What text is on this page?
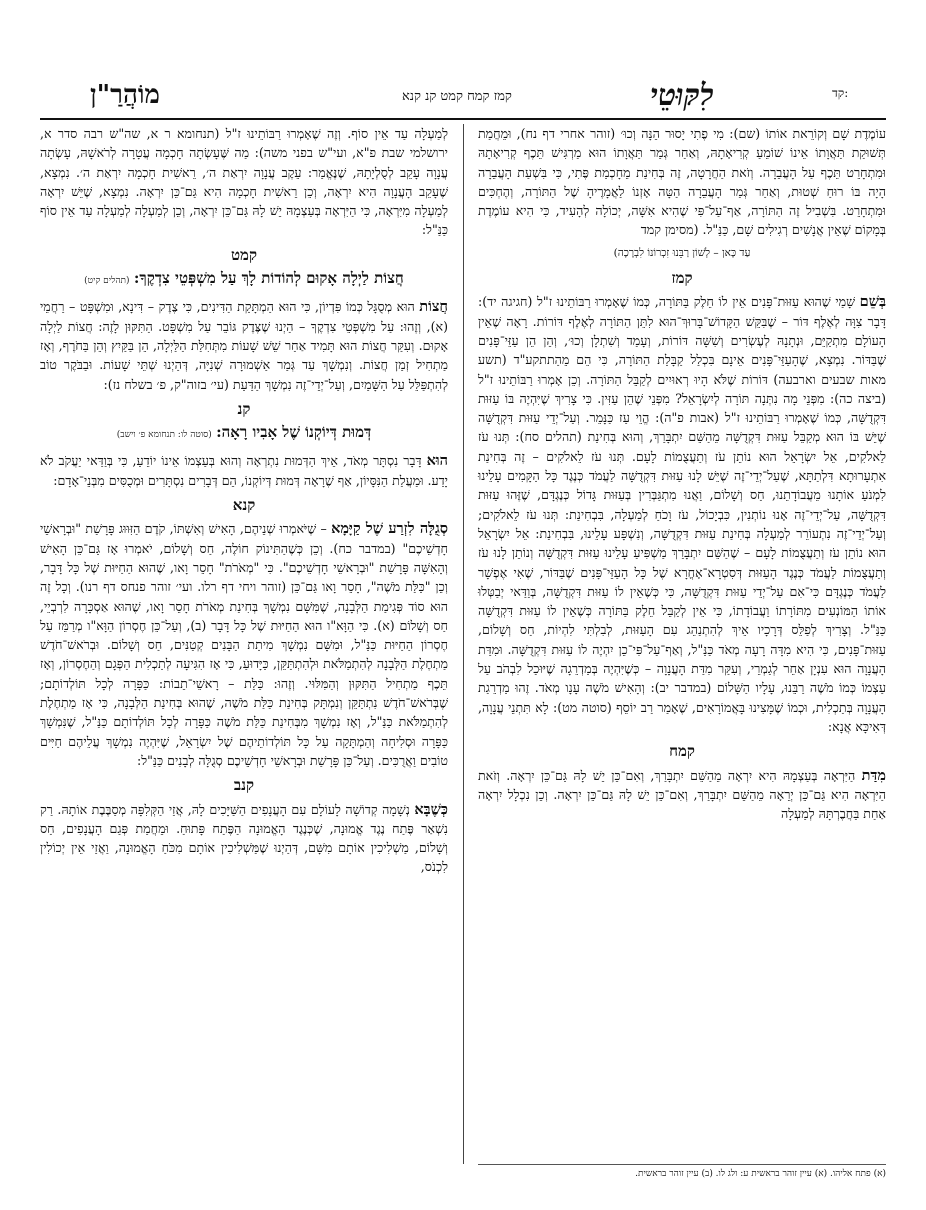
קד:
לִקּוּטֵי
קמז קמח קמט קנ קנא
מוֹהֲרַ"ן

עוֹמֶדֶת שָׁם וְקוֹרֵאת אוֹתוֹ (שם): מִי פֶתִי יָסוּר הֵנָּה וְכוּ׳ (זוהר אחרי דף נח), וּמֵחֲמַת תְּשׁוּקַת תַּאֲוָתוֹ אֵינוֹ שׁוֹמֵעַ קְרִיאָתָהּ, וְאַחַר גְּמַר תַּאֲוָתוֹ הוּא מַרְגִּישׁ תֵּכֶף קְרִיאָתָהּ וּמִתְחָרֵט תֵּכֶף עַל הָעֲבֵרָה. וְזֹאת הַחֲרָטָה, זֶה בְּחִינַת מֵחָכְמַת פֶּתִי, כִּי בִּשְׁעַת הָעֲבֵרָה הָיָה בּוֹ רוּחַ שְׁטוּת, וְאַחַר גְּמַר הָעֲבֵרָה הַטָּה אָזְנוֹ לַאֲמָרֶיהָ שֶׁל הַתּוֹרָה, וְהֶחְכִּים וּמִתְחָרֵט. בִּשְׁבִיל זֶה הַתּוֹרָה, אַף־עַל־פִּי שֶׁהִיא אִשָּׁה, יְכוֹלָה לְהָעִיד, כִּי הִיא עוֹמֶדֶת בְּמָקוֹם שֶׁאֵין אֲנָשִׁים רְגִילִים שָׁם, כַּנַּ"ל. (מסימן קמד

עַד כָּאן – לְשׁוֹן רַבֵּנוּ זִכְרוֹנוֹ לִבְרָכָה)

קמז

בְּשֵׁם שָׁמַי שֶׁהוּא עַזּוּת־פָּנִים אֵין לוֹ חֵלֶק בַּתּוֹרָה, כְּמוֹ שֶׁאָמְרוּ רַבּוֹתֵינוּ ז"ל (חגיגה יד): דָּבָר צִוָּה לְאֶלֶף דּוֹר – שֶׁבִּקֵּשׁ הַקָּדוֹשׁ־בָּרוּךְ־הוּא לִתֵּן הַתּוֹרָה לְאֶלֶף דּוֹרוֹת. רָאָה שֶׁאֵין הָעוֹלָם מִתְקַיֵּם, וּנְתָנָהּ לְעֶשְׂרִים וְשִׁשָּׁה דּוֹרוֹת, וְעָמַד וְשִׁתְלָן וְכוּ׳, וְהֵן הֵן עַזֵּי־פָּנִים שֶׁבַּדּוֹר. נִמְצָא, שֶׁהָעַזֵּי־פָּנִים אֵינָם בִּכְלַל קַבָּלַת הַתּוֹרָה, כִּי הֵם מֵהַתתקע"ד (תשע מאות שבעים וארבעה) דּוֹרוֹת שֶׁלֹּא הָיוּ רְאוּיִים לְקַבֵּל הַתּוֹרָה. וְכֵן אָמְרוּ רַבּוֹתֵינוּ ז"ל (ביצה כה): מִפְּנֵי מָה נִתְּנָה תּוֹרָה לְיִשְׂרָאֵל? מִפְּנֵי שֶׁהֵן עַזִּין. כִּי צָרִיךְ שֶׁיִּהְיֶה בּוֹ עַזּוּת דִּקְדֻשָּׁה, כְּמוֹ שֶׁאָמְרוּ רַבּוֹתֵינוּ ז"ל (אבות פ"ה): הֱוֵי עַז כַּנָּמֵר. וְעַל־יְדֵי עַזּוּת דִּקְדֻשָּׁה שֶׁיֵּשׁ בּוֹ הוּא מְקַבֵּל עַזּוּת דִּקְדֻשָּׁה מֵהַשֵּׁם יִתְבָּרַךְ, וְהוּא בְּחִינַת (תהלים סח): תְּנוּ עֹז לֵאלֹקִים, אֵל יִשְׂרָאֵל הוּא נוֹתֵן עֹז וְתַעֲצֻמוֹת לָעָם. תְּנוּ עֹז לֵאלֹקִים – זֶה בְּחִינַת אִתְעָרוּתָא דִּלְתַתָּא, שֶׁעַל־יְדֵי־זֶה שֶׁיֵּשׁ לָנוּ עַזּוּת דִּקְדֻשָּׁה לַעֲמֹד כְּנֶגֶד כָּל הַקָּמִים עָלֵינוּ לִמְנֹעַ אוֹתָנוּ מֵעֲבוֹדָתֵנוּ, חַס וְשָׁלוֹם, וַאֲנוּ מִתְגַּבְּרִין בְּעַזּוּת גָּדוֹל כְּנֶגְדָּם, שֶׁזֶּהוּ עַזּוּת דִּקְדֻשָּׁה, עַל־יְדֵי־זֶה אָנוּ נוֹתְנִין, כִּבְיָכוֹל, עֹז וָכֹחַ לְמַעְלָה, בִּבְחִינַת: תְּנוּ עֹז לֵאלֹקִים; וְעַל־יְדֵי־זֶה נִתְעוֹרֵר לְמַעְלָה בְּחִינַת עַזּוּת דִּקְדֻשָּׁה, וְנִשְׁפָּע עָלֵינוּ, בִּבְחִינַת: אֵל יִשְׂרָאֵל הוּא נוֹתֵן עֹז וְתַעֲצֻמוֹת לָעָם – שֶׁהַשֵּׁם יִתְבָּרַךְ מַשְׁפִּיעַ עָלֵינוּ עַזּוּת דִּקְדֻשָּׁה וְנוֹתֵן לָנוּ עֹז וְתַעֲצֻמוֹת לַעֲמֹד כְּנֶגֶד הָעַזּוּת דְּסִטְרָא־אָחֳרָא שֶׁל כָּל הָעַזֵּי־פָּנִים שֶׁבַּדּוֹר, שֶׁאִי אֶפְשָׁר לַעֲמֹד כְּנֶגְדָּם כִּי־אִם עַל־יְדֵי עַזּוּת דִּקְדֻשָּׁה, כִּי כְּשֶׁאֵין לוֹ עַזּוּת דִּקְדֻשָּׁה, בְּוַדַּאי יְבַטְּלוּ אוֹתוֹ הַמּוֹנְעִים מִתּוֹרָתוֹ וַעֲבוֹדָתוֹ, כִּי אֵין לְקַבֵּל חֵלֶק בַּתּוֹרָה כְּשֶׁאֵין לוֹ עַזּוּת דִּקְדֻשָּׁה כַּנַּ"ל. וְצָרִיךְ לְפַלֵּס דְּרָכָיו אֵיךְ לְהִתְנַהֵג עִם הָעַזּוּת, לְבִלְתִּי לִהְיוֹת, חַס וְשָׁלוֹם, עַזּוּת־פָּנִים, כִּי הִיא מִדָּה רָעָה מְאֹד כַּנַּ"ל, וְאַף־עַל־פִּי־כֵן יִהְיֶה לוֹ עַזּוּת דִּקְדֻשָּׁה. וּמִדַּת הָעֲנָוָה הוּא עִנְיָן אַחֵר לְגַמְרֵי, וְעִקַּר מִדַּת הָעֲנָוָה – כְּשֶׁיִּהְיֶה בְּמַדְרֵגָה שֶׁיּוּכַל לִבְהֹב עַל עַצְמוֹ כְּמוֹ מֹשֶׁה רַבֵּנוּ, עָלָיו הַשָּׁלוֹם (במדבר יב): וְהָאִישׁ מֹשֶׁה עָנָו מְאֹד. זֶהוּ מַדְרֵגַת הָעֲנָוָה בְּתַכְלִית, וּכְמוֹ שֶׁמָּצִינוּ בָּאֲמוֹרָאִים, שֶׁאָמַר רַב יוֹסֵף (סוטה מט): לָא תִּתְנֵי עֲנָוָה, דְּאִיכָּא אֲנָא:

קמח

מִדַּת הַיִּרְאָה בְּעַצְמָהּ הִיא יִרְאָה מֵהַשֵּׁם יִתְבָּרַךְ, וְאִם־כֵּן יֵשׁ לָהּ גַּם־כֵּן יִרְאָה. וְזֹאת הַיִּרְאָה הִיא גַּם־כֵּן יְרֵאָה מֵהַשֵּׁם יִתְבָּרַךְ, וְאִם־כֵּן יֵשׁ לָהּ גַּם־כֵּן יִרְאָה. וְכֵן נִכְלָל יִרְאָה אַחַת בַּחֲבֶרְתָּהּ לְמַעְלָה

לְמַעְלָה עַד אֵין סוֹף. וְזֶה שֶׁאָמְרוּ רַבּוֹתֵינוּ ז"ל (תנחומא ר א, שה"ש רבה סדר א, ירושלמי שבת פ"א, ועי"ש בפני משה): מַה שֶּׁעָשְׂתָה חָכְמָה עֲטָרָה לְרֹאשָׁהּ, עָשְׂתָה עֲנָוָה עָקֵב לְסֻלְיָתָהּ, שֶׁנֶּאֱמַר: עֵקֶב עֲנָוָה יִרְאַת ה׳, רֵאשִׁית חָכְמָה יִרְאַת ה׳. נִמְצָא, שֶׁעָקֵב הָעֲנָוָה הִיא יִרְאָה, וְכֵן רֵאשִׁית חָכְמָה הִיא גַּם־כֵּן יִרְאָה. נִמְצָא, שֶׁיֵּשׁ יִרְאָה לְמַעְלָה מִיִּרְאָה, כִּי הַיִּרְאָה בְּעַצְמָהּ יֵשׁ לָהּ גַּם־כֵּן יִרְאָה, וְכֵן לְמַעְלָה לְמַעְלָה עַד אֵין סוֹף כַּנַּ"ל:

קמט
חֲצוֹת לַיְלָה אָקוּם לְהוֹדוֹת לָךְ עַל מִשְׁפְּטֵי צִדְקֶךָ: (תהלים קיט)

חֲצוֹת הוּא מְסֻגָּל כְּמוֹ פִּדְיוֹן, כִּי הוּא הַמְתָּקַת הַדִּינִים, כִּי צֶדֶק – דִּינָא, וּמִשְׁפָּט – רַחֲמֵי (א), וְזֶהוּ: עַל מִשְׁפְּטֵי צִדְקֶךָ – הַיְנוּ שֶׁצֶּדֶק גּוֹבֵר עַל מִשְׁפָּט. הַתִּקּוּן לָזֶה: חֲצוֹת לַיְלָה אָקוּם. וְעִקַּר חֲצוֹת הוּא תָּמִיד אַחַר שֵׁשׁ שָׁעוֹת מִתְּחִלַּת הַלַּיְלָה, הֵן בַּקַּיִץ וְהֵן בַּחֹרֶף, וְאָז מַתְחִיל זְמַן חֲצוֹת. וְנִמְשָׁךְ עַד גְּמַר אַשְׁמוּרָה שְׁנִיָּה, דְּהַיְנוּ שְׁתֵּי שָׁעוֹת. וּבַבֹּקֶר טוֹב לְהִתְפַּלֵּל עַל הַשָּׁמַיִם, וְעַל־יְדֵי־זֶה נִמְשָׁךְ הַדַּעַת (עי׳ בזוה"ק, פ׳ בשלח נז):

קנ
דְּמוּת דְּיוֹקְנוֹ שֶׁל אָבִיו רָאָה: (סוטה לו: תנחומא פ׳ וישב)

הוּא דָּבָר נִסְתָּר מְאֹד, אֵיךְ הַדְּמוּת נִתְרְאָה וְהוּא בְּעַצְמוֹ אֵינוֹ יוֹדֵעַ, כִּי בְּוַדַּאי יַעֲקֹב לֹא יָדַע. וּמַעֲלַת הַנִּסָּיוֹן, אַף שֶׁרָאָה דְּמוּת דְּיוֹקְנוֹ, הֵם דְּבָרִים נִסְתָּרִים וּמְכֻסִּים מִבְּנֵי־אָדָם:

קנא

סְגֻלָּה לִזְרַע שֶׁל קַיָּמָא – שֶׁיֹּאמְרוּ שְׁנֵיהֶם, הָאִישׁ וְאִשְׁתּוֹ, קֹדֶם הַזִּוּוּג פָּרָשַׁת "וּבְרָאשֵׁי חָדְשֵׁיכֶם" (במדבר כח). וְכֵן כְּשֶׁהַתִּינוֹק חוֹלֶה, חַס וְשָׁלוֹם, יֹאמְרוּ אָז גַּם־כֵּן הָאִישׁ וְהָאִשָּׁה פָּרָשַׁת "וּבְרָאשֵׁי חָדְשֵׁיכֶם". כִּי "מְאֹרֹת" חָסֵר וָאו, שֶׁהוּא הַחַיּוּת שֶׁל כָּל דָּבָר, וְכֵן "כַּלַּת מֹשֶׁה", חָסֵר וָאו גַּם־כֵּן (זוהר ויחי דף רלו. ועי׳ זוהר פנחס דף רנו). וְכָל זֶה הוּא סוֹד פְּגִימַת הַלְּבָנָה, שֶׁמִּשָּׁם נִמְשָׁךְ בְּחִינַת מְאֹרֹת חָסֵר וָאו, שֶׁהוּא אַסְכָּרָה לִרְבְיֵי, חַס וְשָׁלוֹם (א). כִּי הַוָּא"ו הוּא הַחַיּוּת שֶׁל כָּל דָּבָר (ב), וְעַל־כֵּן חֶסְרוֹן הַוָּא"ו מְרַמֵּז עַל חֶסְרוֹן הַחַיּוּת כַּנַּ"ל, וּמִשָּׁם נִמְשָׁךְ מִיתַת הַבָּנִים קְטַנִּים, חַס וְשָׁלוֹם. וּבְרֹאשׁ־חֹדֶשׁ מַתְחֶלֶת הַלְּבָנָה לְהִתְמַלֹּאת וּלְהִתְתַּקֵּן, כַּיָּדוּעַ, כִּי אָז הִגִּיעָה לְתַכְלִית הַפְּגָם וְהַחֶסְרוֹן, וְאָז תֵּכֶף מַתְחִיל הַתִּקּוּן וְהַמִּלּוּי. וְזֶהוּ: כַּלַּת – רָאשֵׁי־תֵבוֹת: כַּפָּרָה לְכָל תּוֹלְדוֹתָם; שֶׁבְּרֹאשׁ־חֹדֶשׁ נִתְתַּקֵּן וְנִמְתָּק בְּחִינַת כַּלַּת מֹשֶׁה, שֶׁהוּא בְּחִינַת הַלְּבָנָה, כִּי אָז מַתְחֶלֶת לְהִתְמַלֹּאת כַּנַּ"ל, וְאָז נִמְשָׁךְ מִבְּחִינַת כַּלַּת מֹשֶׁה כַּפָּרָה לְכָל תּוֹלְדוֹתָם כַּנַּ"ל, שֶׁנִּמְשָׁךְ כַּפָּרָה וּסְלִיחָה וְהַמְתָּקָה עַל כָּל תּוֹלְדוֹתֵיהֶם שֶׁל יִשְׂרָאֵל, שֶׁיִּהְיֶה נִמְשָׁךְ עֲלֵיהֶם חַיִּים טוֹבִים וַאֲרֻכִּים. וְעַל־כֵּן פָּרָשַׁת וּבְרָאשֵׁי חָדְשֵׁיכֶם סְגֻלָּה לְבָנִים כַּנַּ"ל:

קנב

כְּשֶׁבָּא נְשָׁמָה קְדוֹשָׁה לָעוֹלָם עִם הָעֲנָפִים הַשַּׁיָּכִים לָהּ, אֲזַי הַקְּלִפָּה מְסַבֶּבֶת אוֹתָהּ. רַק נִשְׁאַר פֶּתַח נֶגֶד אֱמוּנָה, שֶׁכְּנֶגֶד הָאֱמוּנָה הַפֶּתַח פָּתוּחַ. וּמֵחֲמַת פְּגַם הָעֲנָפִים, חַס וְשָׁלוֹם, מַשְׁלִיכִין אוֹתָם מִשָּׁם, דְּהַיְנוּ שֶׁמַּשְׁלִיכִין אוֹתָם מִכֹּחַ הָאֱמוּנָה, וַאֲזַי אֵין יְכוֹלִין לִכְנֹס,

(א) פתח אליהו. (א) עיין זוהר בראשית ע: ולג לו. (ב) עיין זוהר בראשית.
